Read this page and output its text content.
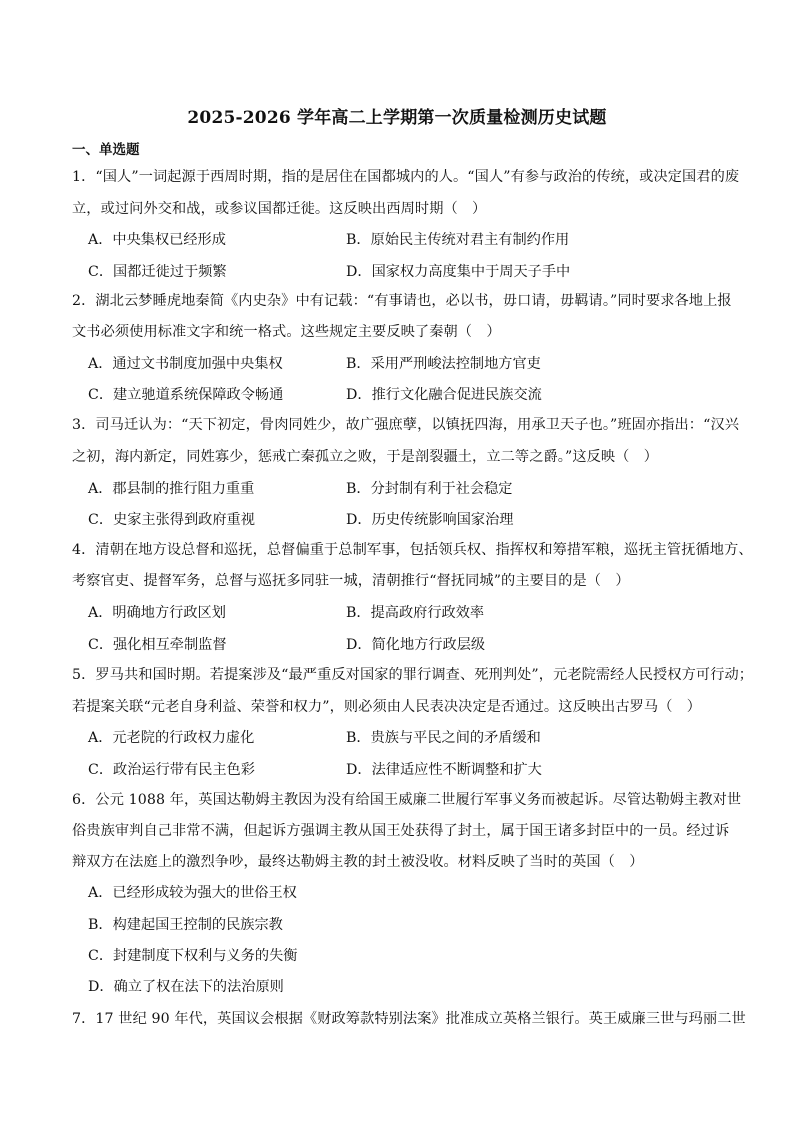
2025-2026 学年高二上学期第一次质量检测历史试题
一、单选题
1．“国人”一词起源于西周时期，指的是居住在国都城内的人。“国人”有参与政治的传统，或决定国君的废
立，或过问外交和战，或参议国都迁徙。这反映出西周时期（　）
A．中央集权已经形成	B．原始民主传统对君主有制约作用
C．国都迁徙过于频繁	D．国家权力高度集中于周天子手中
2．湖北云梦睡虎地秦简《内史杂》中有记载：“有事请也，必以书，毋口请，毋羁请。”同时要求各地上报
文书必须使用标准文字和统一格式。这些规定主要反映了秦朝（　）
A．通过文书制度加强中央集权	B．采用严刑峻法控制地方官吏
C．建立驰道系统保障政令畅通	D．推行文化融合促进民族交流
3．司马迁认为：“天下初定，骨肉同姓少，故广强庶孽，以镇抚四海，用承卫天子也。”班固亦指出：“汉兴
之初，海内新定，同姓寡少，惩戒亡秦孤立之败，于是剖裂疆土，立二等之爵。”这反映（　）
A．郡县制的推行阻力重重	B．分封制有利于社会稳定
C．史家主张得到政府重视	D．历史传统影响国家治理
4．清朝在地方设总督和巡抚，总督偏重于总制军事，包括领兵权、指挥权和筹措军粮，巡抚主管抚循地方、
考察官吏、提督军务，总督与巡抚多同驻一城，清朝推行“督抚同城”的主要目的是（　）
A．明确地方行政区划	B．提高政府行政效率
C．强化相互牵制监督	D．简化地方行政层级
5．罗马共和国时期。若提案涉及“最严重反对国家的罪行调查、死刑判处”，元老院需经人民授权方可行动；
若提案关联“元老自身利益、荣誉和权力”，则必须由人民表决决定是否通过。这反映出古罗马（　）
A．元老院的行政权力虚化	B．贵族与平民之间的矛盾缓和
C．政治运行带有民主色彩	D．法律适应性不断调整和扩大
6．公元 1088 年，英国达勒姆主教因为没有给国王威廉二世履行军事义务而被起诉。尽管达勒姆主教对世
俗贵族审判自己非常不满，但起诉方强调主教从国王处获得了封土，属于国王诸多封臣中的一员。经过诉
辩双方在法庭上的激烈争吵，最终达勒姆主教的封土被没收。材料反映了当时的英国（　）
A．已经形成较为强大的世俗王权
B．构建起国王控制的民族宗教
C．封建制度下权利与义务的失衡
D．确立了权在法下的法治原则
7．17 世纪 90 年代，英国议会根据《财政筹款特别法案》批准成立英格兰银行。英王威廉三世与玛丽二世
